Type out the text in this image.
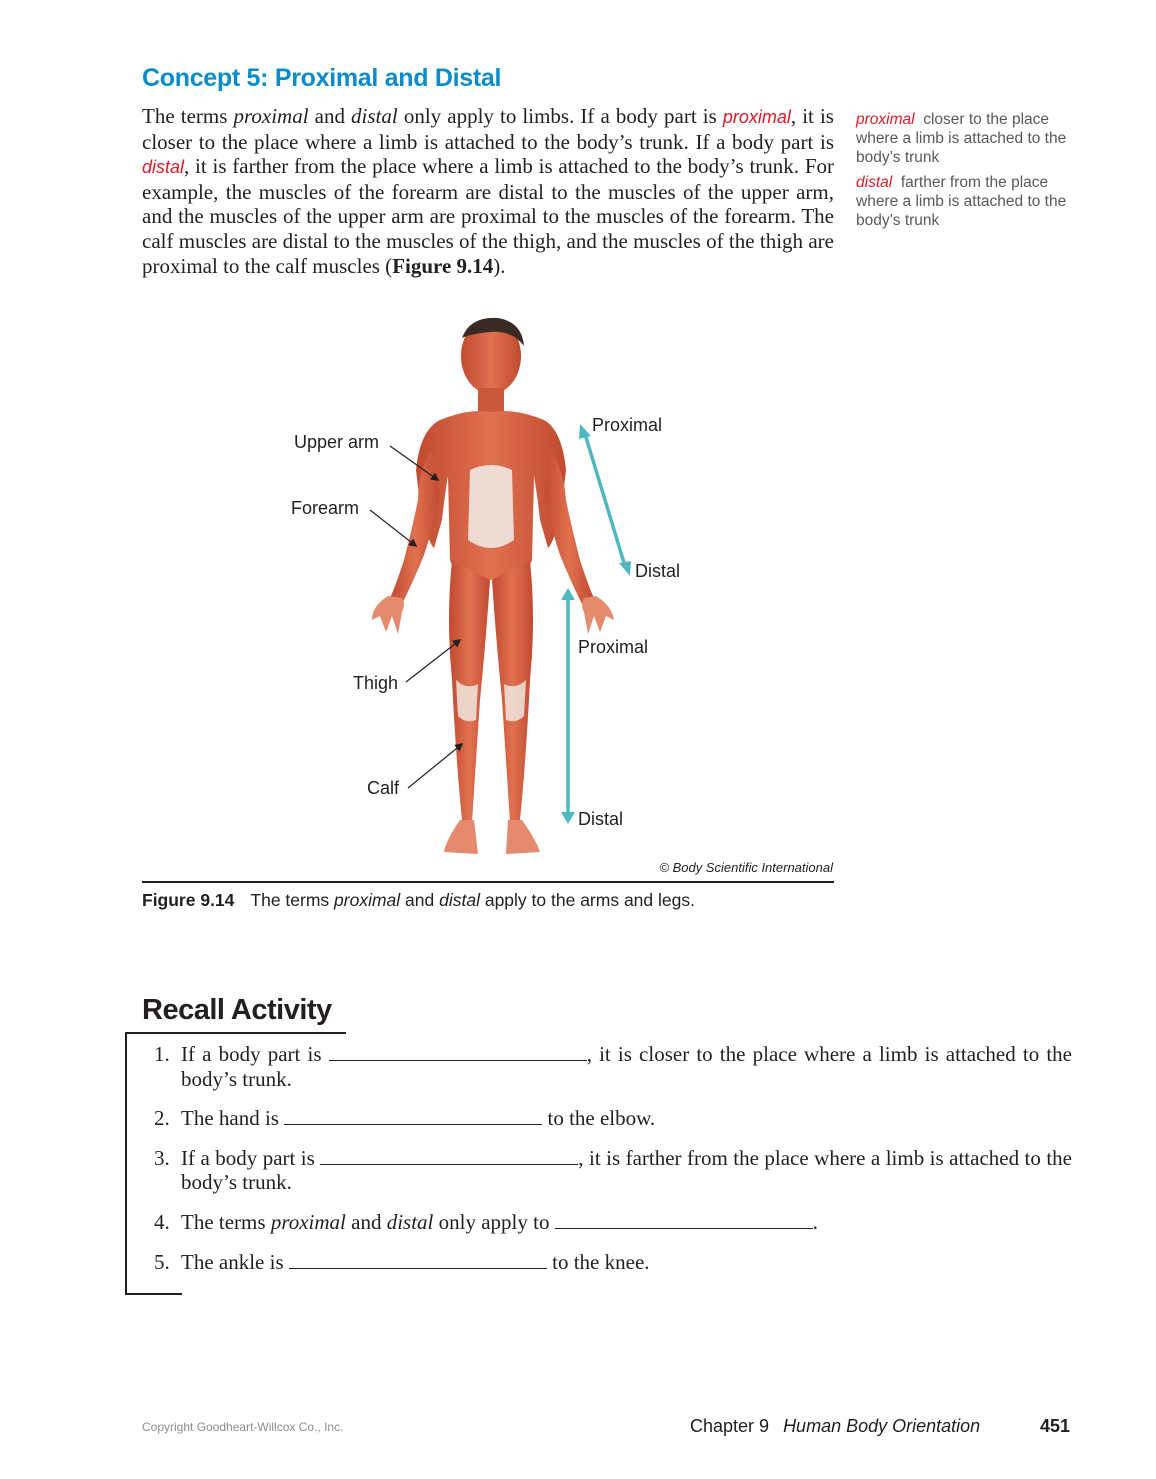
Concept 5: Proximal and Distal
The terms proximal and distal only apply to limbs. If a body part is proximal, it is closer to the place where a limb is attached to the body’s trunk. If a body part is distal, it is farther from the place where a limb is attached to the body’s trunk. For example, the muscles of the forearm are distal to the muscles of the upper arm, and the muscles of the upper arm are proximal to the muscles of the forearm. The calf muscles are distal to the muscles of the thigh, and the muscles of the thigh are proximal to the calf muscles (Figure 9.14).
proximal closer to the place where a limb is attached to the body’s trunk
distal farther from the place where a limb is attached to the body’s trunk
Upper arm
Forearm
Thigh
Calf
Proximal
Distal
Proximal
Distal
© Body Scientific International
Figure 9.14 The terms proximal and distal apply to the arms and legs.
Recall Activity
1. If a body part is	, it is closer to the place where a limb is attached to the body’s trunk.
2. The hand is	to the elbow.
3. If a body part is	, it is farther from the place where a limb is attached to the body’s trunk.
4. The terms proximal and distal only apply to	.
5. The ankle is	to the knee.
Copyright Goodheart-Willcox Co., Inc.	Chapter 9 Human Body Orientation	451
